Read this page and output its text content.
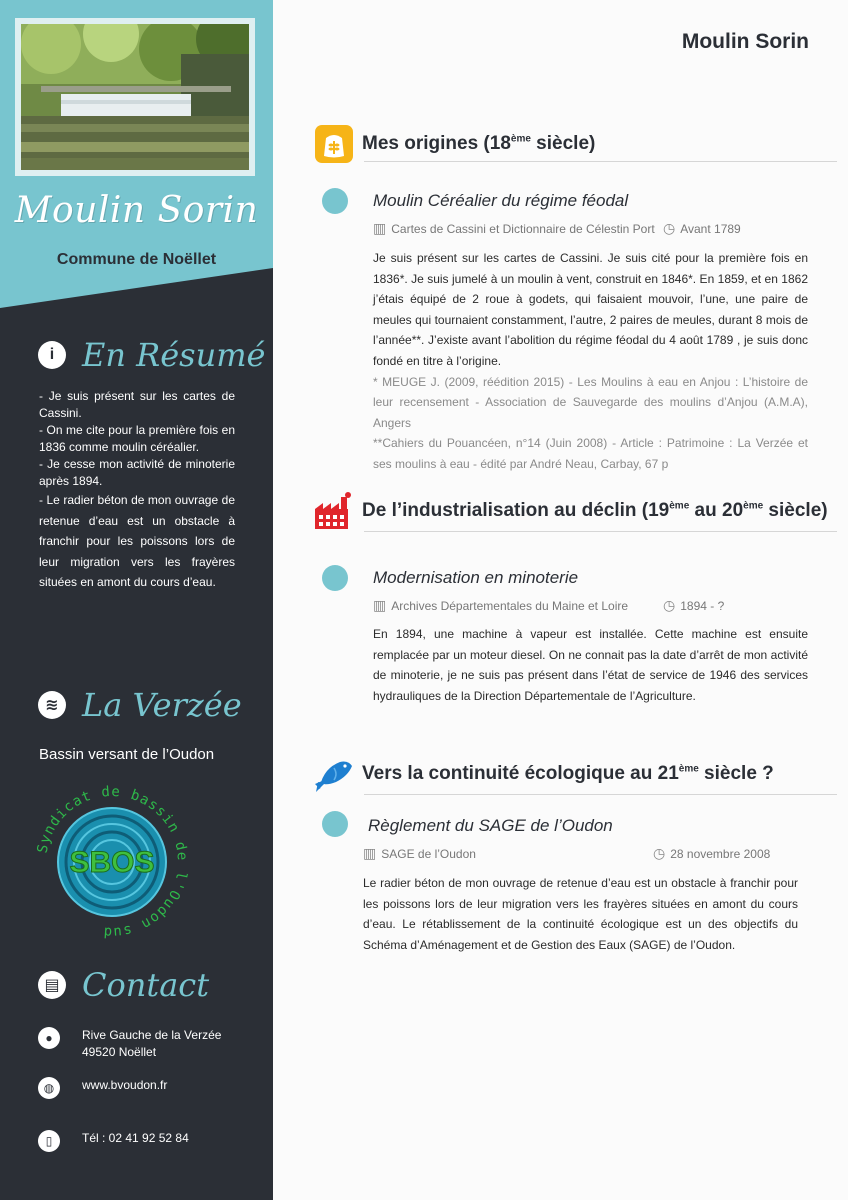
Moulin Sorin
Commune de Noëllet
i En Résumé

- Je suis présent sur les cartes de Cassini.

- On me cite pour la première fois en 1836 comme moulin céréalier.

- Je cesse mon activité de minoterie après 1894.

- Le radier béton de mon ouvrage de retenue d’eau est un obstacle à franchir pour les poissons lors de leur migration vers les frayères situées en amont du cours d’eau.

≋ La Verzée
Bassin versant de l’Oudon
SBOS
Syndicat de bassin de l'Oudon sud
▤ Contact
●	Rive Gauche de la Verzée
49520 Noëllet
◍	www.bvoudon.fr
▯	Tél : 02 41 92 52 84
Moulin Sorin
Mes origines (18ème siècle)
Moulin Céréalier du régime féodal
▥ Cartes de Cassini et Dictionnaire de Célestin Port ◷ Avant 1789
Je suis présent sur les cartes de Cassini. Je suis cité pour la première fois en 1836*. Je suis jumelé à un moulin à vent, construit en 1846*. En 1859, et en 1862 j’étais équipé de 2 roue à godets, qui faisaient mouvoir, l’une, une paire de meules qui tournaient constamment, l’autre, 2 paires de meules, durant 8 mois de l’année**. J’existe avant l’abolition du régime féodal du 4 août 1789 , je suis donc fondé en titre à l’origine.
* MEUGE J. (2009, réédition 2015) - Les Moulins à eau en Anjou : L’histoire de leur recensement - Association de Sauvegarde des moulins d’Anjou (A.M.A), Angers
**Cahiers du Pouancéen, n°14 (Juin 2008) - Article : Patrimoine : La Verzée et ses moulins à eau - édité par André Neau, Carbay, 67 p
De l’industrialisation au déclin (19ème au 20ème siècle)
Modernisation en minoterie
▥ Archives Départementales du Maine et Loire ◷ 1894 - ?
En 1894, une machine à vapeur est installée. Cette machine est ensuite remplacée par un moteur diesel. On ne connait pas la date d’arrêt de mon activité de minoterie, je ne suis pas présent dans l’état de service de 1946 des services hydrauliques de la Direction Départementale de l’Agriculture.
Vers la continuité écologique au 21ème siècle ?
Règlement du SAGE de l’Oudon
▥ SAGE de l’Oudon	◷ 28 novembre 2008
Le radier béton de mon ouvrage de retenue d’eau est un obstacle à franchir pour les poissons lors de leur migration vers les frayères situées en amont du cours d’eau. Le rétablissement de la continuité écologique est un des objectifs du Schéma d’Aménagement et de Gestion des Eaux (SAGE) de l’Oudon.
